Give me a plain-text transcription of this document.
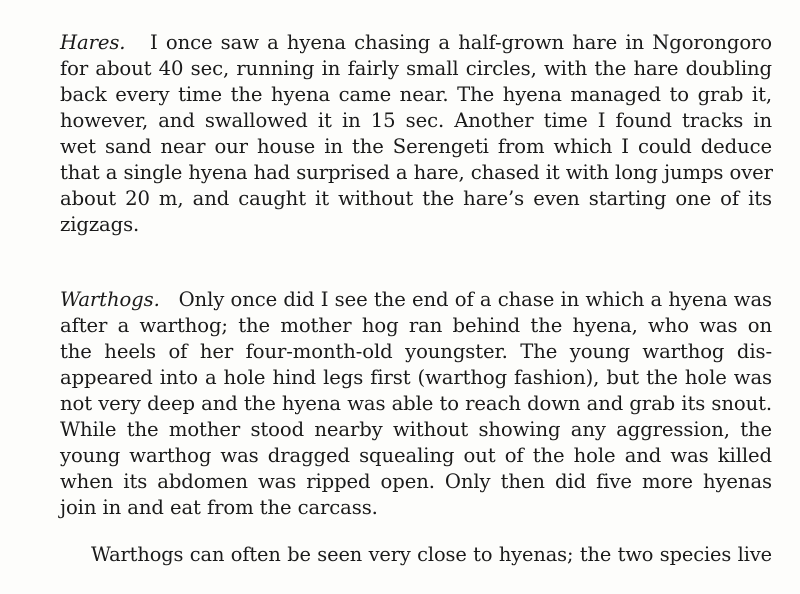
Hares. I once saw a hyena chasing a half-grown hare in Ngorongoro
for about 40 sec, running in fairly small circles, with the hare doubling
back every time the hyena came near. The hyena managed to grab it,
however, and swallowed it in 15 sec. Another time I found tracks in
wet sand near our house in the Serengeti from which I could deduce
that a single hyena had surprised a hare, chased it with long jumps over
about 20 m, and caught it without the hare’s even starting one of its
zigzags.
Warthogs. Only once did I see the end of a chase in which a hyena was
after a warthog; the mother hog ran behind the hyena, who was on
the heels of her four-month-old youngster. The young warthog dis-
appeared into a hole hind legs first (warthog fashion), but the hole was
not very deep and the hyena was able to reach down and grab its snout.
While the mother stood nearby without showing any aggression, the
young warthog was dragged squealing out of the hole and was killed
when its abdomen was ripped open. Only then did five more hyenas
join in and eat from the carcass.
Warthogs can often be seen very close to hyenas; the two species live
